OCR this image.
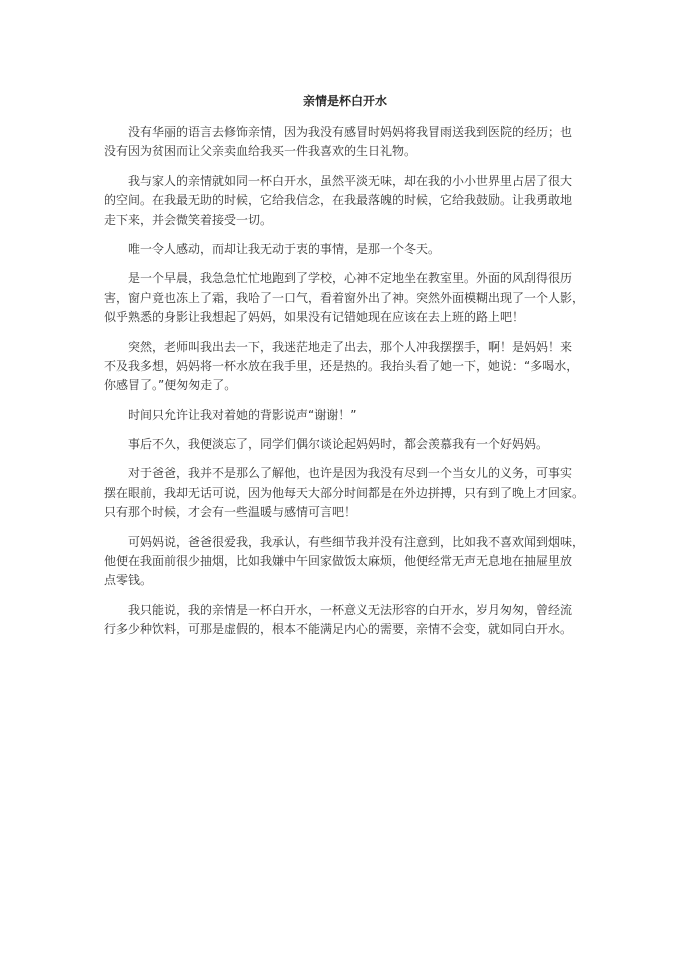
亲情是杯白开水
没有华丽的语言去修饰亲情，因为我没有感冒时妈妈将我冒雨送我到医院的经历；也
没有因为贫困而让父亲卖血给我买一件我喜欢的生日礼物。
我与家人的亲情就如同一杯白开水，虽然平淡无味，却在我的小小世界里占居了很大
的空间。在我最无助的时候，它给我信念，在我最落魄的时候，它给我鼓励。让我勇敢地
走下来，并会微笑着接受一切。
唯一令人感动，而却让我无动于衷的事情，是那一个冬天。
是一个早晨，我急急忙忙地跑到了学校，心神不定地坐在教室里。外面的风刮得很历
害，窗户竟也冻上了霜，我哈了一口气，看着窗外出了神。突然外面模糊出现了一个人影，
似乎熟悉的身影让我想起了妈妈，如果没有记错她现在应该在去上班的路上吧！
突然，老师叫我出去一下，我迷茫地走了出去，那个人冲我摆摆手，啊！是妈妈！来
不及我多想，妈妈将一杯水放在我手里，还是热的。我抬头看了她一下，她说：“多喝水，
你感冒了。”便匆匆走了。
时间只允许让我对着她的背影说声“谢谢！”
事后不久，我便淡忘了，同学们偶尔谈论起妈妈时，都会羡慕我有一个好妈妈。
对于爸爸，我并不是那么了解他，也许是因为我没有尽到一个当女儿的义务，可事实
摆在眼前，我却无话可说，因为他每天大部分时间都是在外边拼搏，只有到了晚上才回家。
只有那个时候，才会有一些温暖与感情可言吧！
可妈妈说，爸爸很爱我，我承认，有些细节我并没有注意到，比如我不喜欢闻到烟味，
他便在我面前很少抽烟，比如我嫌中午回家做饭太麻烦，他便经常无声无息地在抽屉里放
点零钱。
我只能说，我的亲情是一杯白开水，一杯意义无法形容的白开水，岁月匆匆，曾经流
行多少种饮料，可那是虚假的，根本不能满足内心的需要，亲情不会变，就如同白开水。
